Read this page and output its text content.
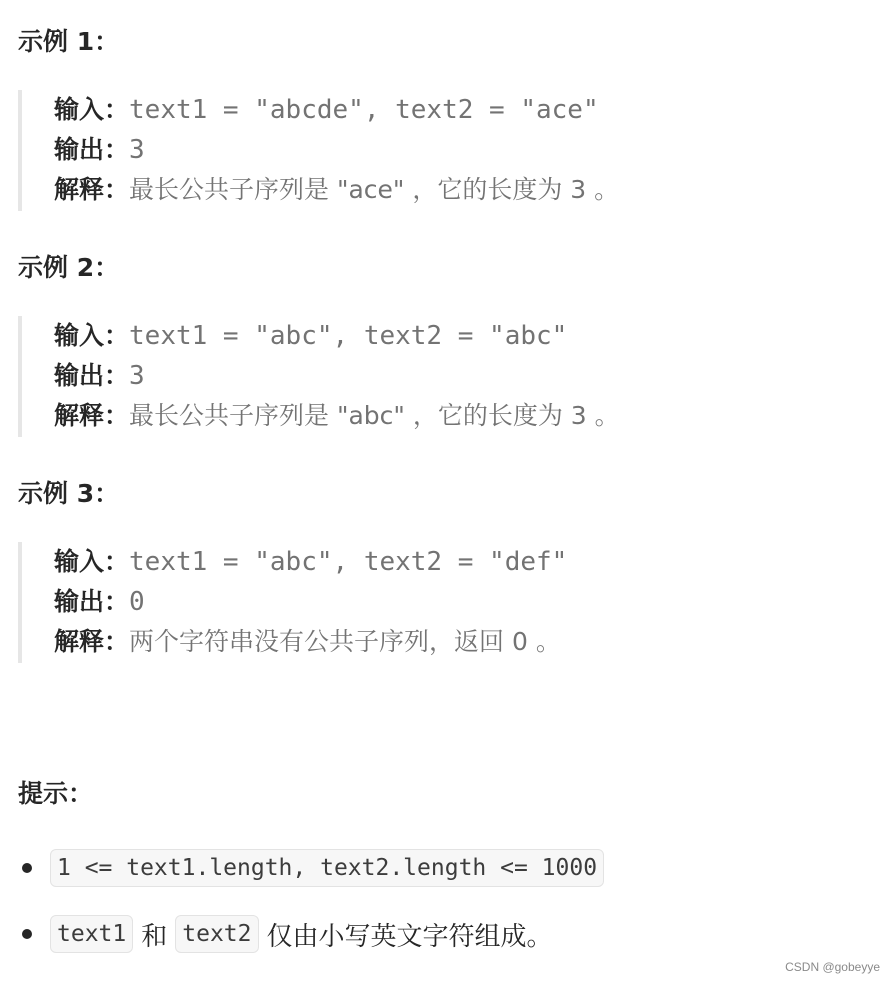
示例 1：
输入：text1 = "abcde", text2 = "ace"
输出：3
解释：最长公共子序列是 "ace" ，它的长度为 3 。
示例 2：
输入：text1 = "abc", text2 = "abc"
输出：3
解释：最长公共子序列是 "abc" ，它的长度为 3 。
示例 3：
输入：text1 = "abc", text2 = "def"
输出：0
解释：两个字符串没有公共子序列，返回 0 。
提示：
1 <= text1.length, text2.length <= 1000
text1 和 text2 仅由小写英文字符组成。
CSDN @gobeyye
